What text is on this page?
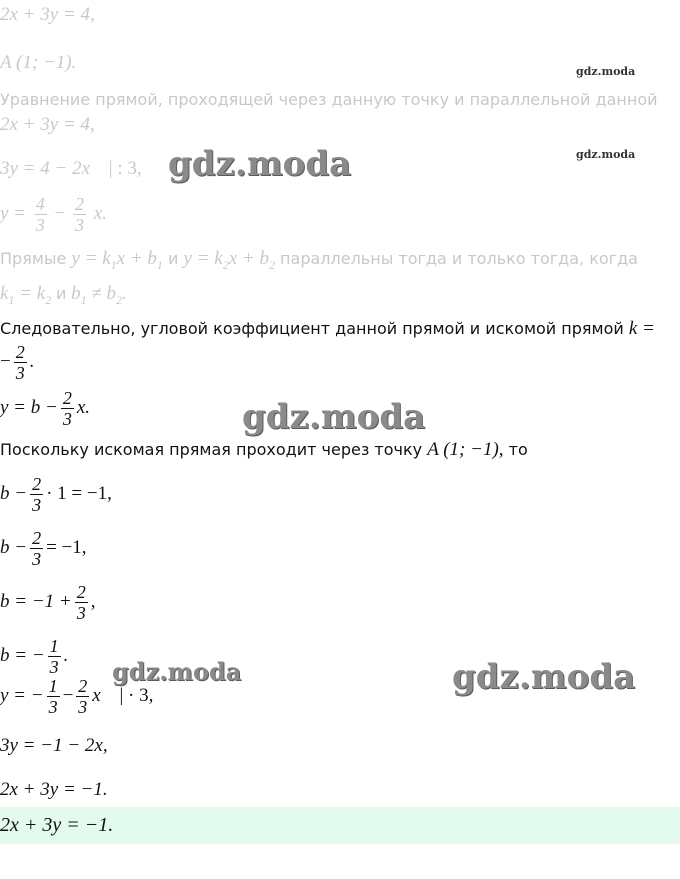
2x + 3y = 4,
A (1; −1).
Уравнение прямой, проходящей через данную точку и параллельной данной
2x + 3y = 4,
3y = 4 − 2x | : 3,
$y = \frac{4}{3} - \frac{2}{3} x$.
Прямые $y = k_1x + b_1$ и $y = k_2x + b_2$ параллельны тогда и только тогда, когда
$k_1 = k_2$ и $b_1 \ne b_2$.
Следовательно, угловой коэффициент данной прямой и искомой прямой k =
− $\frac{2}{3}$ .
$y = b - \frac{2}{3} x$.
Поскольку искомая прямая проходит через точку A (1; −1), то
$b - \frac{2}{3} \cdot 1 = -1$,
$b - \frac{2}{3} = -1$,
$b = -1 + \frac{2}{3}$ ,
b = − $\frac{1}{3}$ .
y = − $\frac{1}{3} - \frac{2}{3}$ x | · 3,
3y = −1 − 2x,
2x + 3y = −1.
2x + 3y = −1.
gdz.moda
gdz.moda
gdz.moda
gdz.moda
gdz.moda	gdz.moda
